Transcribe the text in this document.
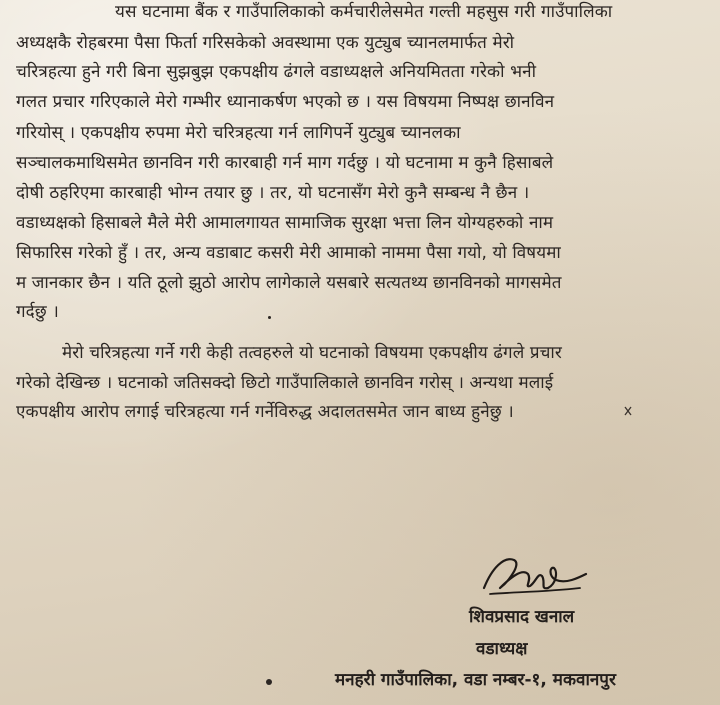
यस घटनामा बैंक र गाउँपालिकाको कर्मचारीलेसमेत गल्ती महसुस गरी गाउँपालिका
अध्यक्षकै रोहबरमा पैसा फिर्ता गरिसकेको अवस्थामा एक युट्युब च्यानलमार्फत मेरो
चरित्रहत्या हुने गरी बिना सुझबुझ एकपक्षीय ढंगले वडाध्यक्षले अनियमितता गरेको भनी
गलत प्रचार गरिएकाले मेरो गम्भीर ध्यानाकर्षण भएको छ । यस विषयमा निष्पक्ष छानविन
गरियोस् । एकपक्षीय रुपमा मेरो चरित्रहत्या गर्न लागिपर्ने युट्युब च्यानलका
सञ्चालकमाथिसमेत छानविन गरी कारबाही गर्न माग गर्दछु । यो घटनामा म कुनै हिसाबले
दोषी ठहरिएमा कारबाही भोग्न तयार छु । तर, यो घटनासँग मेरो कुनै सम्बन्ध नै छैन ।
वडाध्यक्षको हिसाबले मैले मेरी आमालगायत सामाजिक सुरक्षा भत्ता लिन योग्यहरुको नाम
सिफारिस गरेको हुँ । तर, अन्य वडाबाट कसरी मेरी आमाको नाममा पैसा गयो, यो विषयमा
म जानकार छैन । यति ठूलो झुठो आरोप लागेकाले यसबारे सत्यतथ्य छानविनको मागसमेत
गर्दछु ।
मेरो चरित्रहत्या गर्ने गरी केही तत्वहरुले यो घटनाको विषयमा एकपक्षीय ढंगले प्रचार
गरेको देखिन्छ । घटनाको जतिसक्दो छिटो गाउँपालिकाले छानविन गरोस् । अन्यथा मलाई
एकपक्षीय आरोप लगाई चरित्रहत्या गर्न गर्नेविरुद्ध अदालतसमेत जान बाध्य हुनेछु ।
शिवप्रसाद खनाल
वडाध्यक्ष
मनहरी गाउँपालिका, वडा नम्बर-१, मकवानपुर
